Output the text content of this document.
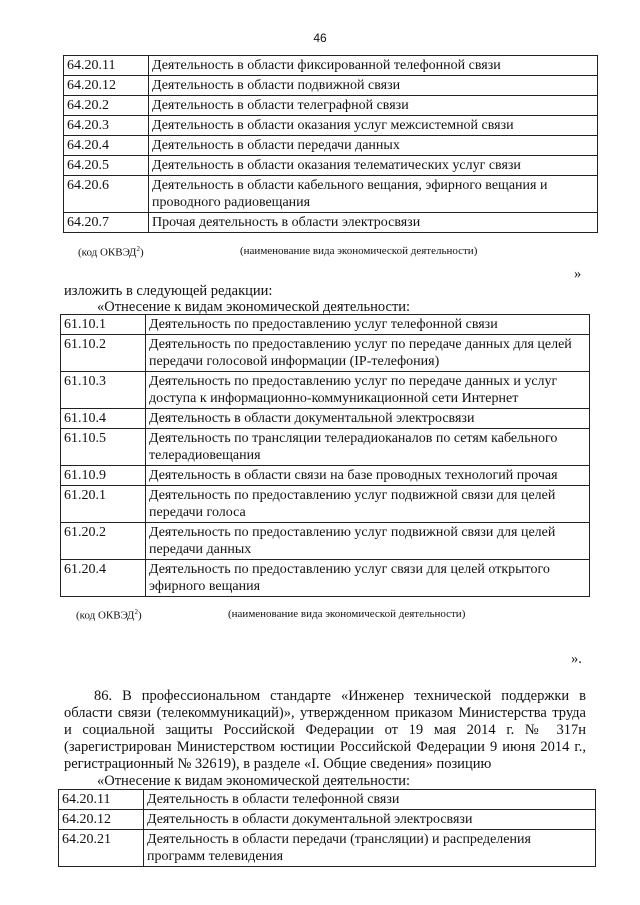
46
64.20.11	Деятельность в области фиксированной телефонной связи
64.20.12	Деятельность в области подвижной связи
64.20.2	Деятельность в области телеграфной связи
64.20.3	Деятельность в области оказания услуг межсистемной связи
64.20.4	Деятельность в области передачи данных
64.20.5	Деятельность в области оказания телематических услуг связи
64.20.6	Деятельность в области кабельного вещания, эфирного вещания и проводного радиовещания
64.20.7	Прочая деятельность в области электросвязи
(код ОКВЭД$^2$)	(наименование вида экономической деятельности)
»
изложить в следующей редакции:
«Отнесение к видам экономической деятельности:
61.10.1	Деятельность по предоставлению услуг телефонной связи
61.10.2	Деятельность по предоставлению услуг по передаче данных для целей передачи голосовой информации (IP-телефония)
61.10.3	Деятельность по предоставлению услуг по передаче данных и услуг доступа к информационно-коммуникационной сети Интернет
61.10.4	Деятельность в области документальной электросвязи
61.10.5	Деятельность по трансляции телерадиоканалов по сетям кабельного телерадиовещания
61.10.9	Деятельность в области связи на базе проводных технологий прочая
61.20.1	Деятельность по предоставлению услуг подвижной связи для целей передачи голоса
61.20.2	Деятельность по предоставлению услуг подвижной связи для целей передачи данных
61.20.4	Деятельность по предоставлению услуг связи для целей открытого эфирного вещания
(код ОКВЭД$^2$)	(наименование вида экономической деятельности)
».
86. В профессиональном стандарте «Инженер технической поддержки в области связи (телекоммуникаций)», утвержденном приказом Министерства труда и социальной защиты Российской Федерации от 19 мая 2014 г. № 317н (зарегистрирован Министерством юстиции Российской Федерации 9 июня 2014 г., регистрационный № 32619), в разделе «I. Общие сведения» позицию
«Отнесение к видам экономической деятельности:
64.20.11	Деятельность в области телефонной связи
64.20.12	Деятельность в области документальной электросвязи
64.20.21	Деятельность в области передачи (трансляции) и распределения программ телевидения
